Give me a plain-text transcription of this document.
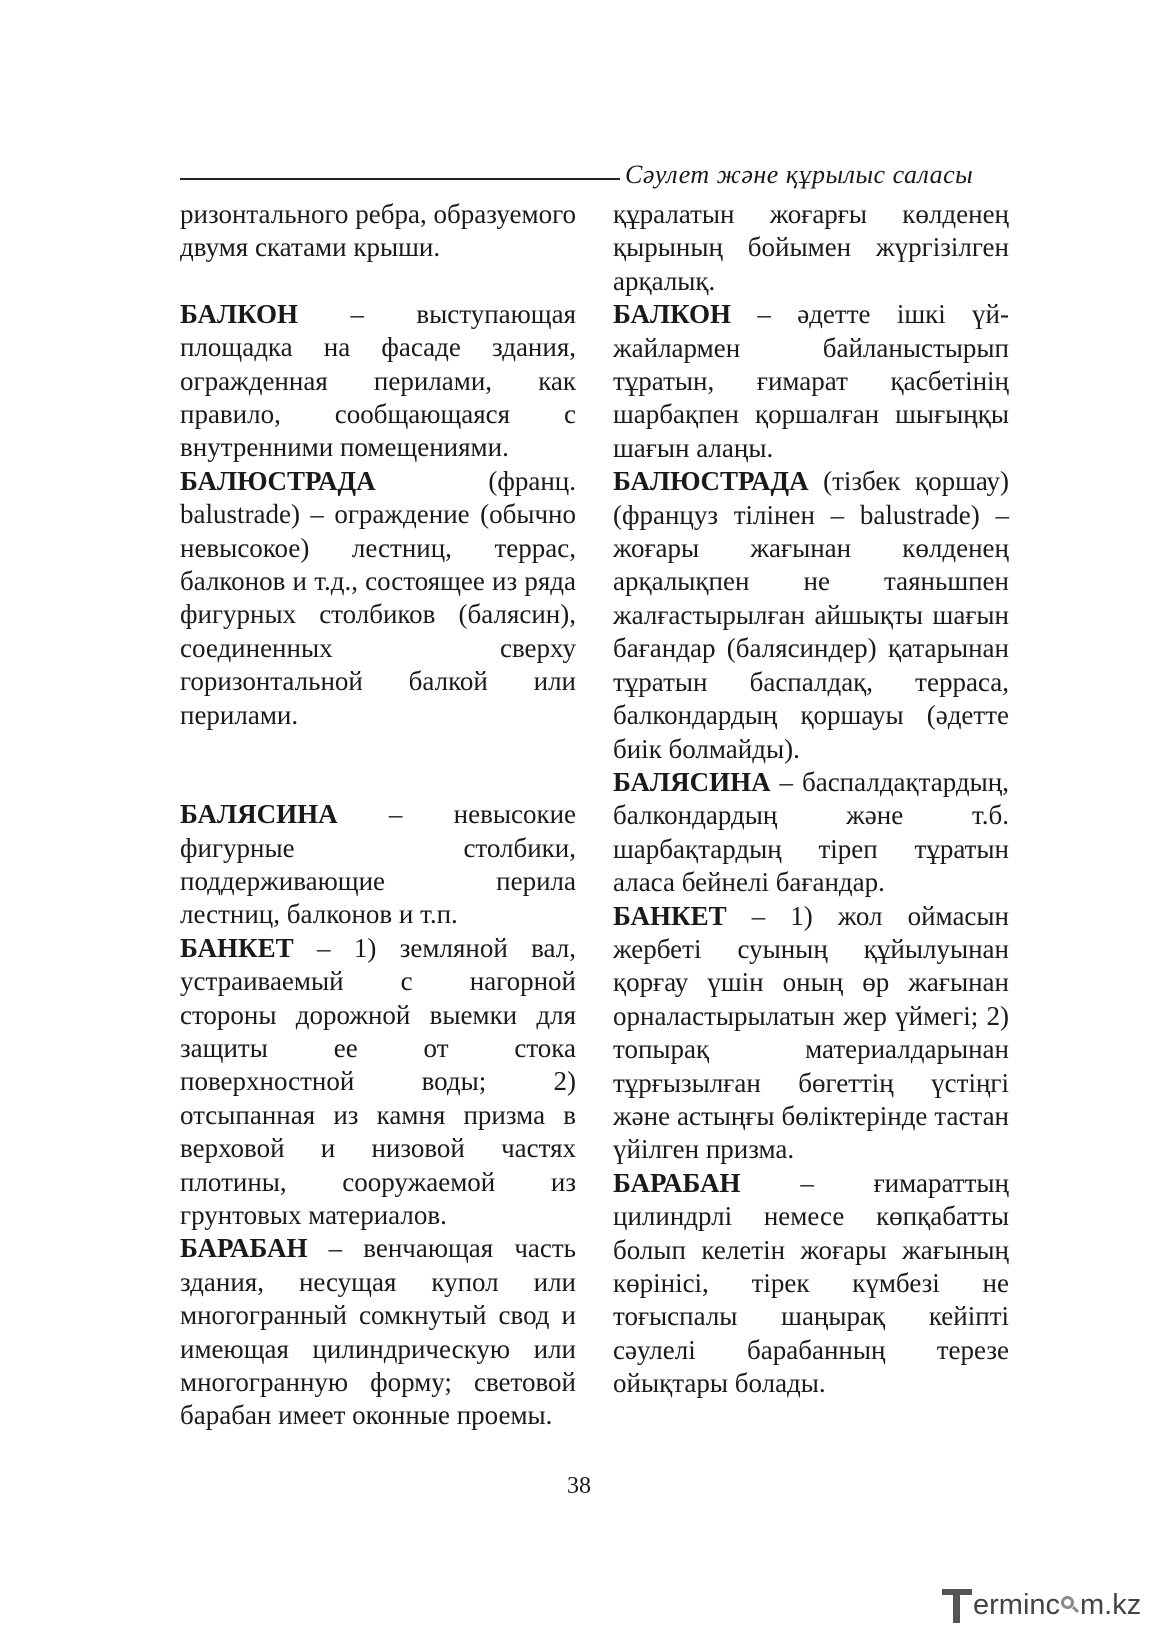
Сәулет және құрылыс саласы

ризонтального ребра, образуемого двумя скатами крыши.

БАЛКОН – выступающая площадка на фасаде здания, огражденная перилами, как правило, сообщающаяся с внутренними помещениями.

БАЛЮСТРАДА (франц. balustrade) – ограждение (обычно невысокое) лестниц, террас, балконов и т.д., состоящее из ряда фигурных столбиков (балясин), соединенных сверху горизонтальной балкой или перилами.

БАЛЯСИНА – невысокие фигурные столбики, поддерживающие перила лестниц, балконов и т.п.

БАНКЕТ – 1) земляной вал, устраиваемый с нагорной стороны дорожной выемки для защиты ее от стока поверхностной воды; 2) отсыпанная из камня призма в верховой и низовой частях плотины, сооружаемой из грунтовых материалов.

БАРАБАН – венчающая часть здания, несущая купол или многогранный сомкнутый свод и имеющая цилиндрическую или многогранную форму; световой барабан имеет оконные проемы.

құралатын жоғарғы көлденең қырының бойымен жүргізілген арқалық.

БАЛКОН – әдетте ішкі үй-жайлармен байланыстырып тұратын, ғимарат қасбетінің шарбақпен қоршалған шығыңқы шағын алаңы.

БАЛЮСТРАДА (тізбек қоршау) (француз тілінен – balustrade) – жоғары жағынан көлденең арқалықпен не таяньшпен жалғастырылған айшықты шағын бағандар (балясиндер) қатарынан тұратын баспалдақ, терраса, балкондардың қоршауы (әдетте биік болмайды).

БАЛЯСИНА – баспалдақтардың, балкондардың және т.б. шарбақтардың тіреп тұратын аласа бейнелі бағандар.

БАНКЕТ – 1) жол оймасын жербеті суының құйылуынан қорғау үшін оның өр жағынан орналастырылатын жер үймегі; 2) топырақ материалдарынан тұрғызылған бөгеттің үстіңгі және астыңғы бөліктерінде тастан үйілген призма.

БАРАБАН – ғимараттың цилиндрлі немесе көпқабатты болып келетін жоғары жағының көрінісі, тірек күмбезі не тоғыспалы шаңырақ кейіпті сәулелі барабанның терезе ойықтары болады.

38
ermin c m.kz
